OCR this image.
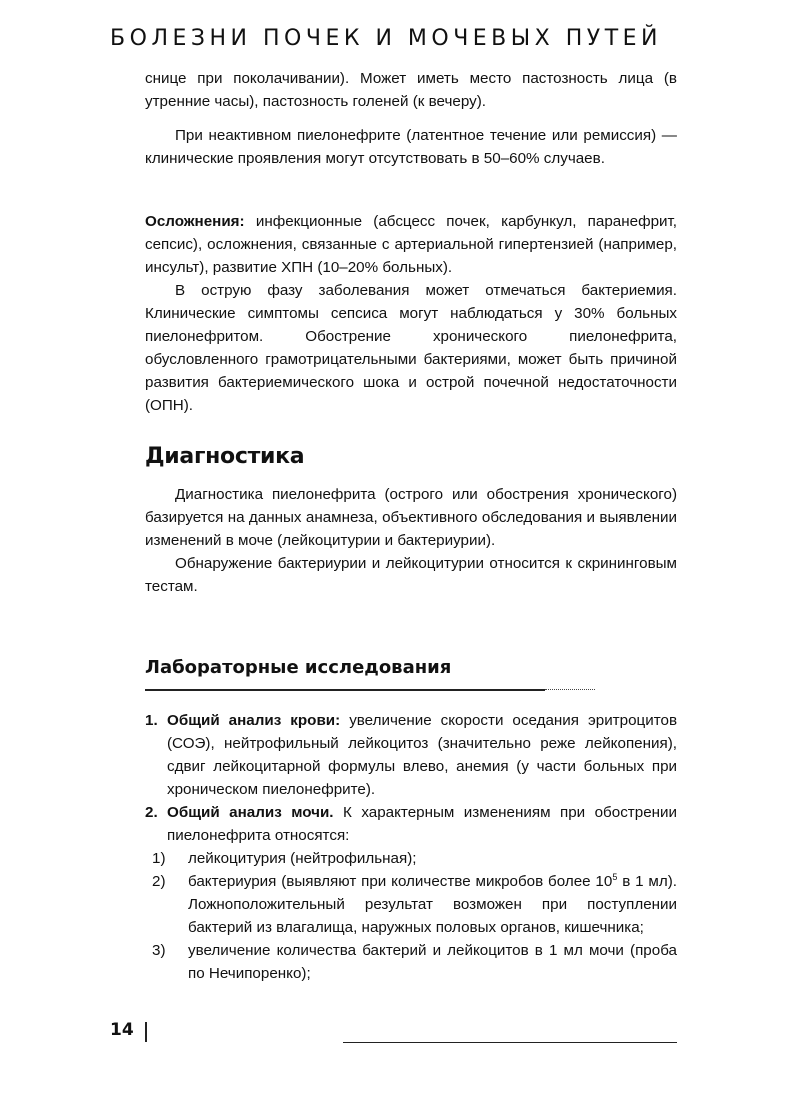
БОЛЕЗНИ ПОЧЕК И МОЧЕВЫХ ПУТЕЙ

снице при поколачивании). Может иметь место пастозность лица (в утренние часы), пастозность голеней (к вечеру).

При неактивном пиелонефрите (латентное течение или ремиссия) — клинические проявления могут отсутствовать в 50–60% случаев.

Осложнения: инфекционные (абсцесс почек, карбункул, паранефрит, сепсис), осложнения, связанные с артериальной гипертензией (например, инсульт), развитие ХПН (10–20% больных).

В острую фазу заболевания может отмечаться бактериемия. Клинические симптомы сепсиса могут наблюдаться у 30% больных пиелонефритом. Обострение хронического пиелонефрита, обусловленного грамотрицательными бактериями, может быть причиной развития бактериемического шока и острой почечной недостаточности (ОПН).

Диагностика

Диагностика пиелонефрита (острого или обострения хронического) базируется на данных анамнеза, объективного обследования и выявлении изменений в моче (лейкоцитурии и бактериурии).

Обнаружение бактериурии и лейкоцитурии относится к скрининговым тестам.

Лабораторные исследования
1. Общий анализ крови: увеличение скорости оседания эритроцитов (СОЭ), нейтрофильный лейкоцитоз (значительно реже лейкопения), сдвиг лейкоцитарной формулы влево, анемия (у части больных при хроническом пиелонефрите).
2. Общий анализ мочи. К характерным изменениям при обострении пиелонефрита относятся:
1) лейкоцитурия (нейтрофильная);
2) бактериурия (выявляют при количестве микробов более $10^5$ в 1 мл). Ложноположительный результат возможен при поступлении бактерий из влагалища, наружных половых органов, кишечника;
3) увеличение количества бактерий и лейкоцитов в 1 мл мочи (проба по Нечипоренко);
14
